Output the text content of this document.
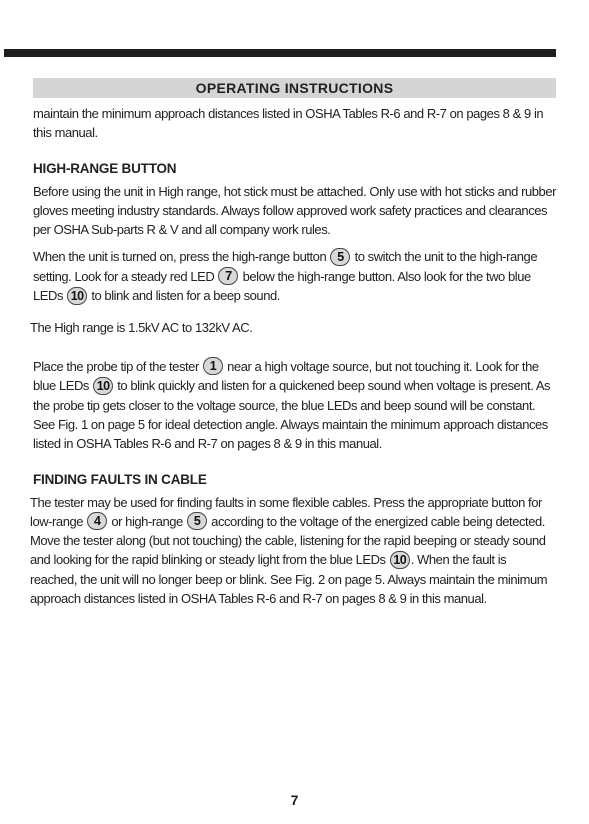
OPERATING INSTRUCTIONS

maintain the minimum approach distances listed in OSHA Tables R-6 and R-7 on pages 8 & 9 in this manual.

HIGH-RANGE BUTTON

Before using the unit in High range, hot stick must be attached. Only use with hot sticks and rubber gloves meeting industry standards. Always follow approved work safety practices and clearances per OSHA Sub-parts R & V and all company work rules.

When the unit is turned on, press the high-range button 5 to switch the unit to the high-range setting. Look for a steady red LED 7 below the high-range button. Also look for the two blue LEDs 10 to blink and listen for a beep sound.

The High range is 1.5kV AC to 132kV AC.

Place the probe tip of the tester 1 near a high voltage source, but not touching it. Look for the blue LEDs 10 to blink quickly and listen for a quickened beep sound when voltage is present. As the probe tip gets closer to the voltage source, the blue LEDs and beep sound will be constant. See Fig. 1 on page 5 for ideal detection angle. Always maintain the minimum approach distances listed in OSHA Tables R-6 and R-7 on pages 8 & 9 in this manual.

FINDING FAULTS IN CABLE

The tester may be used for finding faults in some flexible cables. Press the appropriate button for low-range 4 or high-range 5 according to the voltage of the energized cable being detected. Move the tester along (but not touching) the cable, listening for the rapid beeping or steady sound and looking for the rapid blinking or steady light from the blue LEDs 10 . When the fault is reached, the unit will no longer beep or blink. See Fig. 2 on page 5. Always maintain the minimum approach distances listed in OSHA Tables R-6 and R-7 on pages 8 & 9 in this manual.

7
